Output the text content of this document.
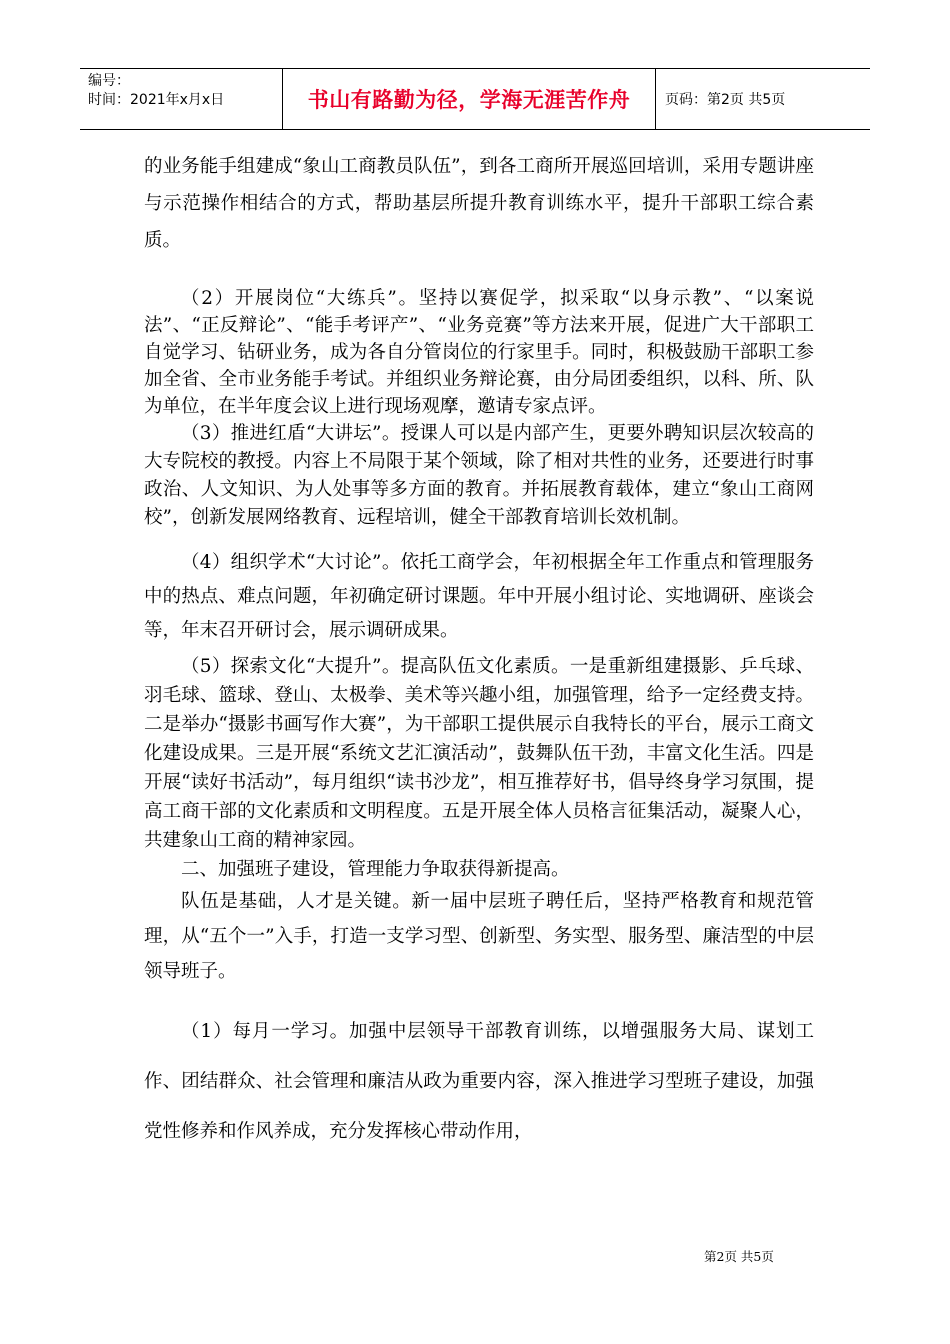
编号：
时间：2021年x月x日	书山有路勤为径，学海无涯苦作舟	页码：第2页 共5页

的业务能手组建成“象山工商教员队伍”，到各工商所开展巡回培训，采用专题讲座与示范操作相结合的方式，帮助基层所提升教育训练水平，提升干部职工综合素质。

（2）开展岗位“大练兵”。坚持以赛促学，拟采取“以身示教”、“以案说法”、“正反辩论”、“能手考评产”、“业务竞赛”等方法来开展，促进广大干部职工自觉学习、钻研业务，成为各自分管岗位的行家里手。同时，积极鼓励干部职工参加全省、全市业务能手考试。并组织业务辩论赛，由分局团委组织，以科、所、队为单位，在半年度会议上进行现场观摩，邀请专家点评。

（3）推进红盾“大讲坛”。授课人可以是内部产生，更要外聘知识层次较高的大专院校的教授。内容上不局限于某个领域，除了相对共性的业务，还要进行时事政治、人文知识、为人处事等多方面的教育。并拓展教育载体，建立“象山工商网校”，创新发展网络教育、远程培训，健全干部教育培训长效机制。

（4）组织学术“大讨论”。依托工商学会，年初根据全年工作重点和管理服务中的热点、难点问题，年初确定研讨课题。年中开展小组讨论、实地调研、座谈会等，年末召开研讨会，展示调研成果。

（5）探索文化“大提升”。提高队伍文化素质。一是重新组建摄影、乒乓球、羽毛球、篮球、登山、太极拳、美术等兴趣小组，加强管理，给予一定经费支持。二是举办“摄影书画写作大赛”，为干部职工提供展示自我特长的平台，展示工商文化建设成果。三是开展“系统文艺汇演活动”，鼓舞队伍干劲，丰富文化生活。四是开展“读好书活动”，每月组织“读书沙龙”，相互推荐好书，倡导终身学习氛围，提高工商干部的文化素质和文明程度。五是开展全体人员格言征集活动，凝聚人心，共建象山工商的精神家园。

二、加强班子建设，管理能力争取获得新提高。

队伍是基础，人才是关键。新一届中层班子聘任后，坚持严格教育和规范管理，从“五个一”入手，打造一支学习型、创新型、务实型、服务型、廉洁型的中层领导班子。

（1）每月一学习。加强中层领导干部教育训练，以增强服务大局、谋划工作、团结群众、社会管理和廉洁从政为重要内容，深入推进学习型班子建设，加强党性修养和作风养成，充分发挥核心带动作用，

第2页 共5页
